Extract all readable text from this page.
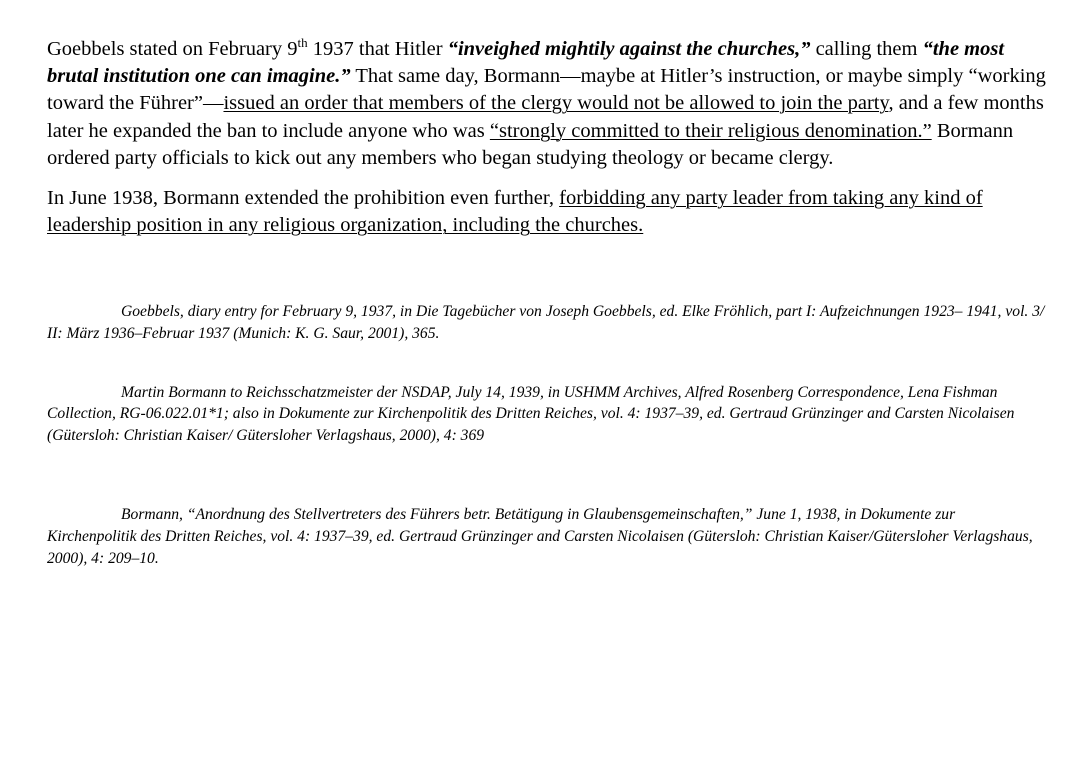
Goebbels stated on February 9th 1937 that Hitler “inveighed mightily against the churches,” calling them “the most brutal institution one can imagine.” That same day, Bormann—maybe at Hitler’s instruction, or maybe simply “working toward the Führer”—issued an order that members of the clergy would not be allowed to join the party, and a few months later he expanded the ban to include anyone who was “strongly committed to their religious denomination.” Bormann ordered party officials to kick out any members who began studying theology or became clergy.

In June 1938, Bormann extended the prohibition even further, forbidding any party leader from taking any kind of leadership position in any religious organization, including the churches.

Goebbels, diary entry for February 9, 1937, in Die Tagebücher von Joseph Goebbels, ed. Elke Fröhlich, part I: Aufzeichnungen 1923– 1941, vol. 3/ II: März 1936–Februar 1937 (Munich: K. G. Saur, 2001), 365.

Martin Bormann to Reichsschatzmeister der NSDAP, July 14, 1939, in USHMM Archives, Alfred Rosenberg Correspondence, Lena Fishman Collection, RG-06.022.01*1; also in Dokumente zur Kirchenpolitik des Dritten Reiches, vol. 4: 1937–39, ed. Gertraud Grünzinger and Carsten Nicolaisen (Gütersloh: Christian Kaiser/ Gütersloher Verlagshaus, 2000), 4: 369

Bormann, “Anordnung des Stellvertreters des Führers betr. Betätigung in Glaubensgemeinschaften,” June 1, 1938, in Dokumente zur Kirchenpolitik des Dritten Reiches, vol. 4: 1937–39, ed. Gertraud Grünzinger and Carsten Nicolaisen (Gütersloh: Christian Kaiser/Gütersloher Verlagshaus, 2000), 4: 209–10.
